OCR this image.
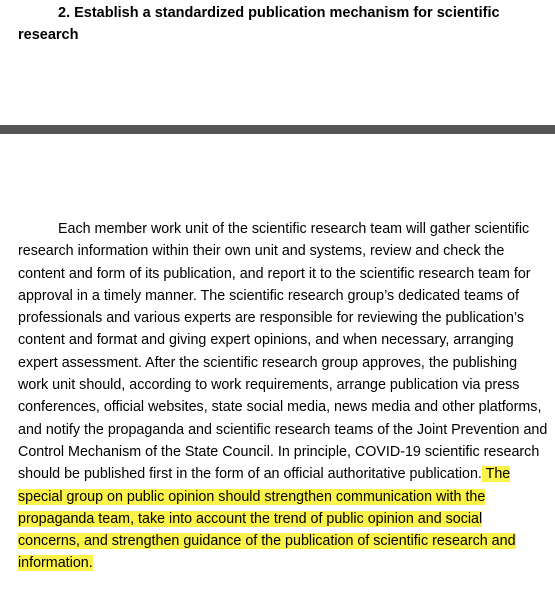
2. Establish a standardized publication mechanism for scientific research

Each member work unit of the scientific research team will gather scientific research information within their own unit and systems, review and check the content and form of its publication, and report it to the scientific research team for approval in a timely manner. The scientific research group’s dedicated teams of professionals and various experts are responsible for reviewing the publication’s content and format and giving expert opinions, and when necessary, arranging expert assessment. After the scientific research group approves, the publishing work unit should, according to work requirements, arrange publication via press conferences, official websites, state social media, news media and other platforms, and notify the propaganda and scientific research teams of the Joint Prevention and Control Mechanism of the State Council. In principle, COVID-19 scientific research should be published first in the form of an official authoritative publication. The special group on public opinion should strengthen communication with the propaganda team, take into account the trend of public opinion and social concerns, and strengthen guidance of the publication of scientific research and information.
